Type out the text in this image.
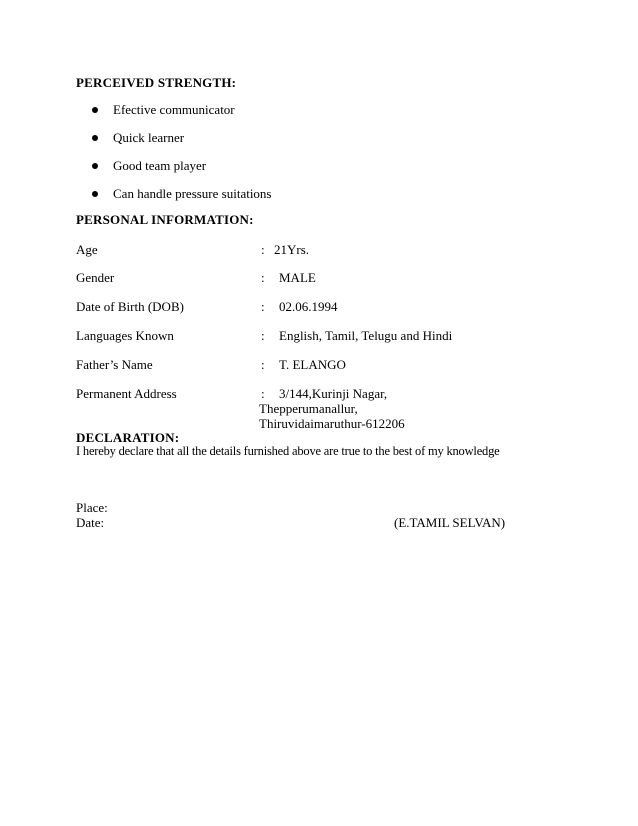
PERCEIVED STRENGTH:
Efective communicator
Quick learner
Good team player
Can handle pressure suitations
PERSONAL INFORMATION:
Age	: 21Yrs.
Gender	: MALE
Date of Birth (DOB)	: 02.06.1994
Languages Known	: English, Tamil, Telugu and Hindi
Father’s Name	: T. ELANGO
Permanent Address	: 3/144,Kurinji Nagar,
Thepperumanallur,
Thiruvidaimaruthur-612206
DECLARATION:
I hereby declare that all the details furnished above are true to the best of my knowledge
Place:
Date:	(E.TAMIL SELVAN)
